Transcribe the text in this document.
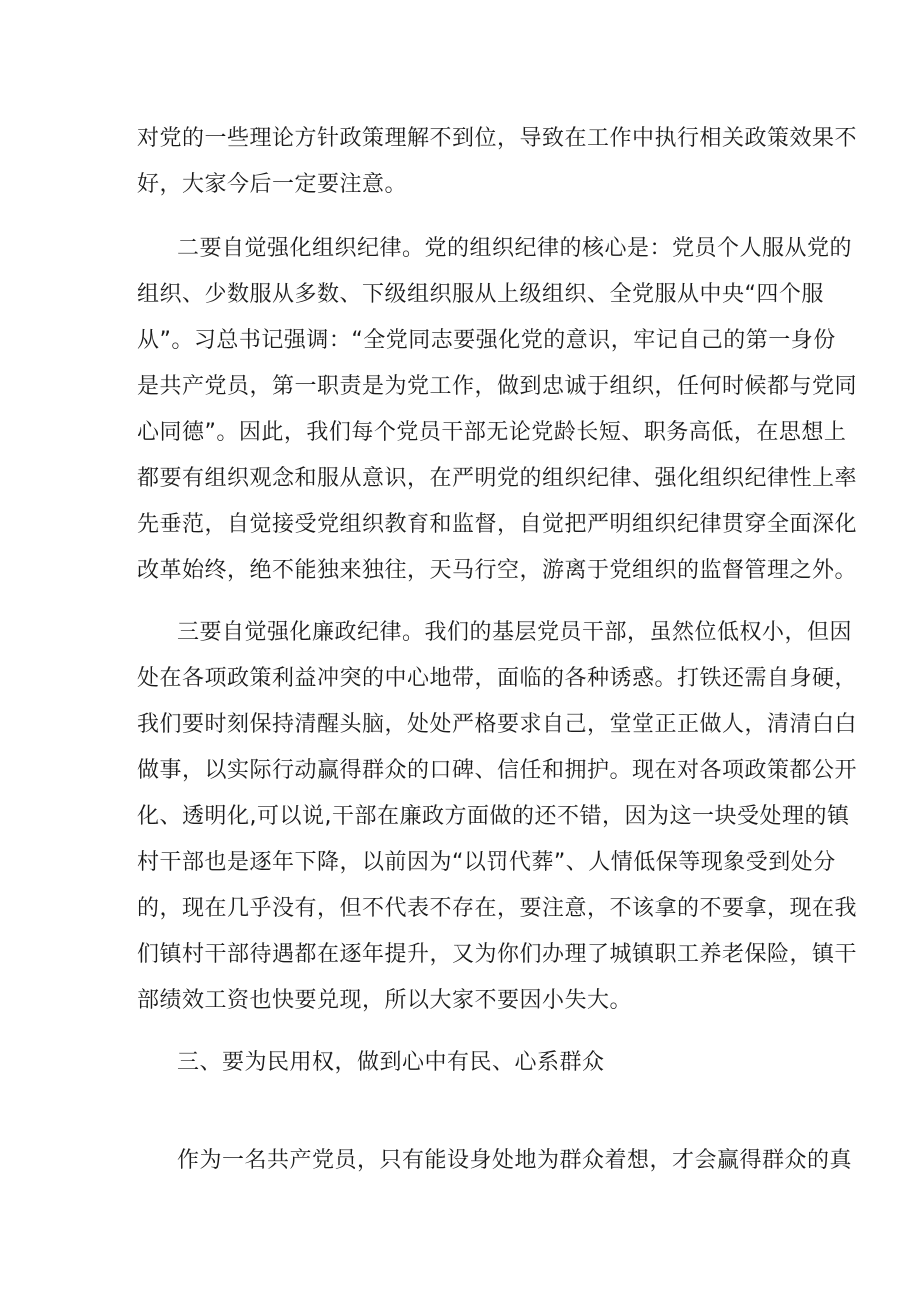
对党的一些理论方针政策理解不到位，导致在工作中执行相关政策效果不
好，大家今后一定要注意。
二要自觉强化组织纪律。党的组织纪律的核心是：党员个人服从党的
组织、少数服从多数、下级组织服从上级组织、全党服从中央“四个服
从”。习总书记强调：“全党同志要强化党的意识，牢记自己的第一身份
是共产党员，第一职责是为党工作，做到忠诚于组织，任何时候都与党同
心同德”。因此，我们每个党员干部无论党龄长短、职务高低，在思想上
都要有组织观念和服从意识，在严明党的组织纪律、强化组织纪律性上率
先垂范，自觉接受党组织教育和监督，自觉把严明组织纪律贯穿全面深化
改革始终，绝不能独来独往，天马行空，游离于党组织的监督管理之外。
三要自觉强化廉政纪律。我们的基层党员干部，虽然位低权小，但因
处在各项政策利益冲突的中心地带，面临的各种诱惑。打铁还需自身硬，
我们要时刻保持清醒头脑，处处严格要求自己，堂堂正正做人，清清白白
做事，以实际行动赢得群众的口碑、信任和拥护。现在对各项政策都公开
化、透明化,可以说,干部在廉政方面做的还不错，因为这一块受处理的镇
村干部也是逐年下降，以前因为“以罚代葬”、人情低保等现象受到处分
的，现在几乎没有，但不代表不存在，要注意，不该拿的不要拿，现在我
们镇村干部待遇都在逐年提升，又为你们办理了城镇职工养老保险，镇干
部绩效工资也快要兑现，所以大家不要因小失大。
三、要为民用权，做到心中有民、心系群众
作为一名共产党员，只有能设身处地为群众着想，才会赢得群众的真
